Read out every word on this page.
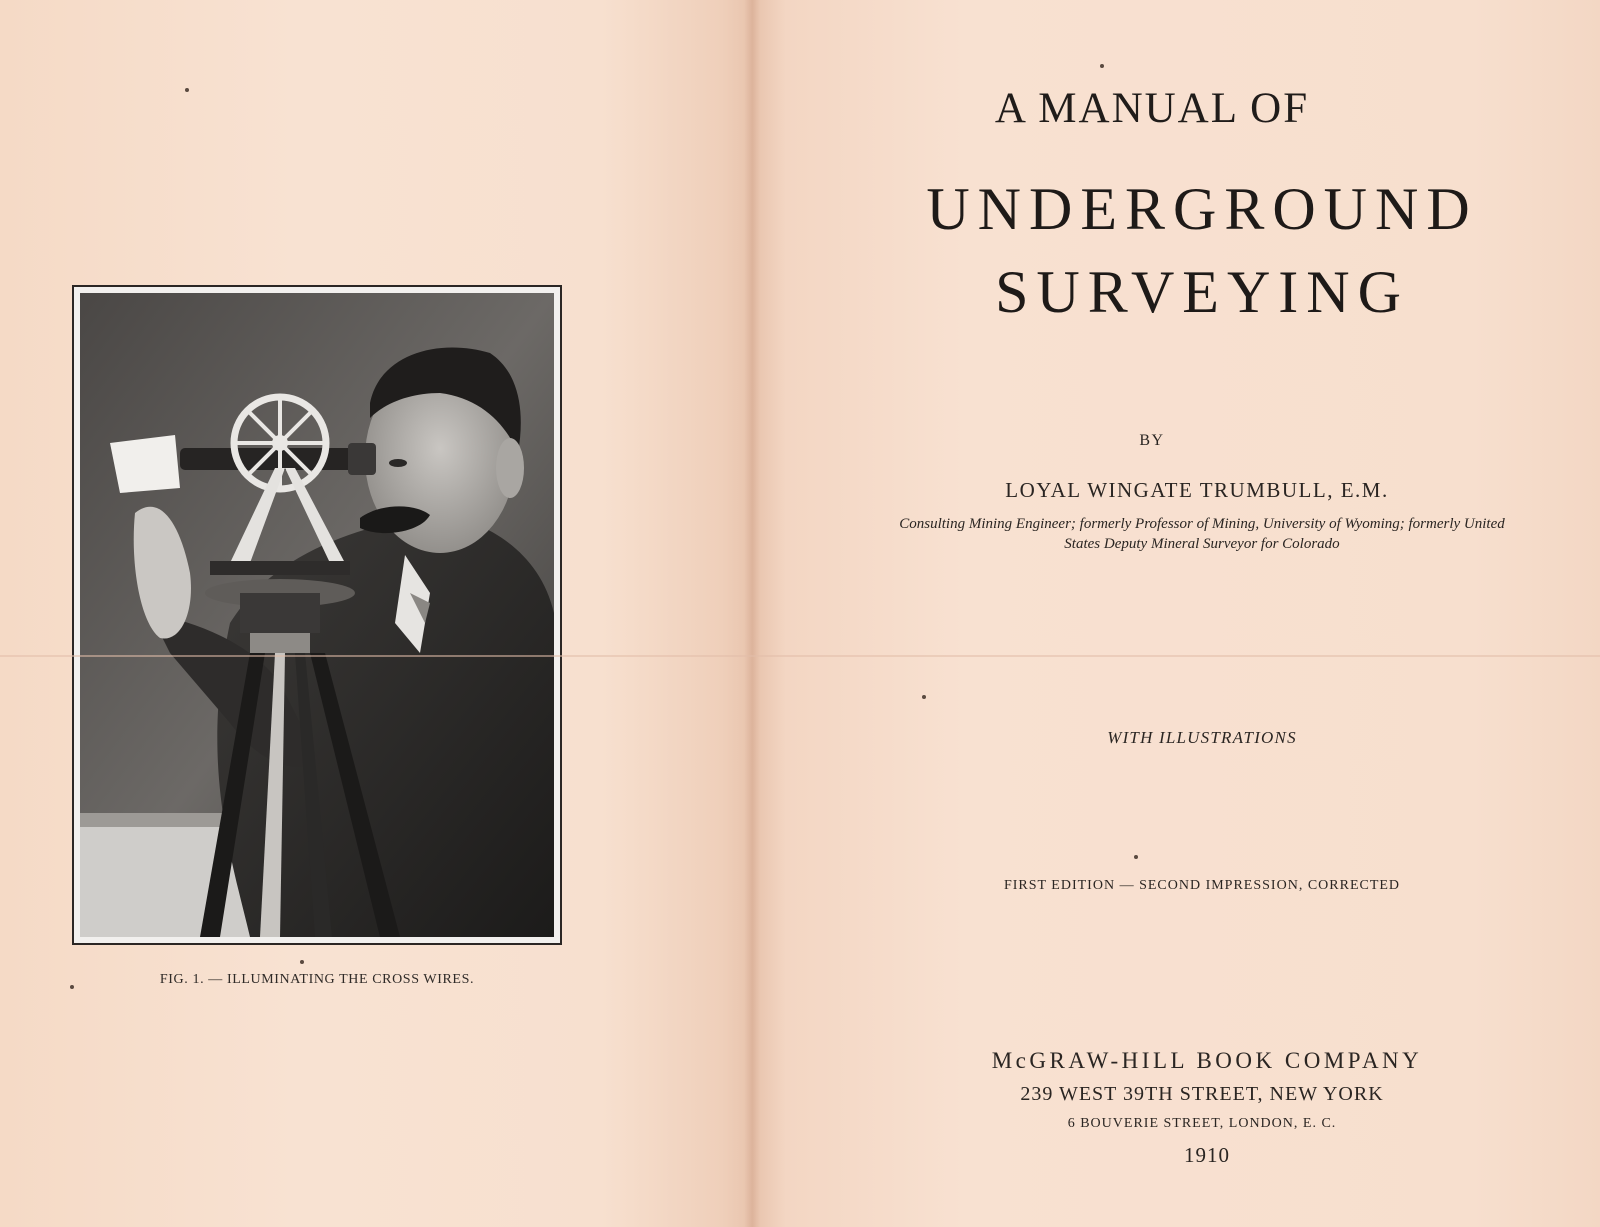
FIG. 1. — ILLUMINATING THE CROSS WIRES.
A MANUAL OF
UNDERGROUND
SURVEYING
BY
LOYAL WINGATE TRUMBULL, E.M.
Consulting Mining Engineer; formerly Professor of Mining, University of Wyoming; formerly United States Deputy Mineral Surveyor for Colorado
WITH ILLUSTRATIONS
FIRST EDITION — SECOND IMPRESSION, CORRECTED
McGRAW-HILL BOOK COMPANY
239 WEST 39TH STREET, NEW YORK
6 BOUVERIE STREET, LONDON, E. C.
1910
